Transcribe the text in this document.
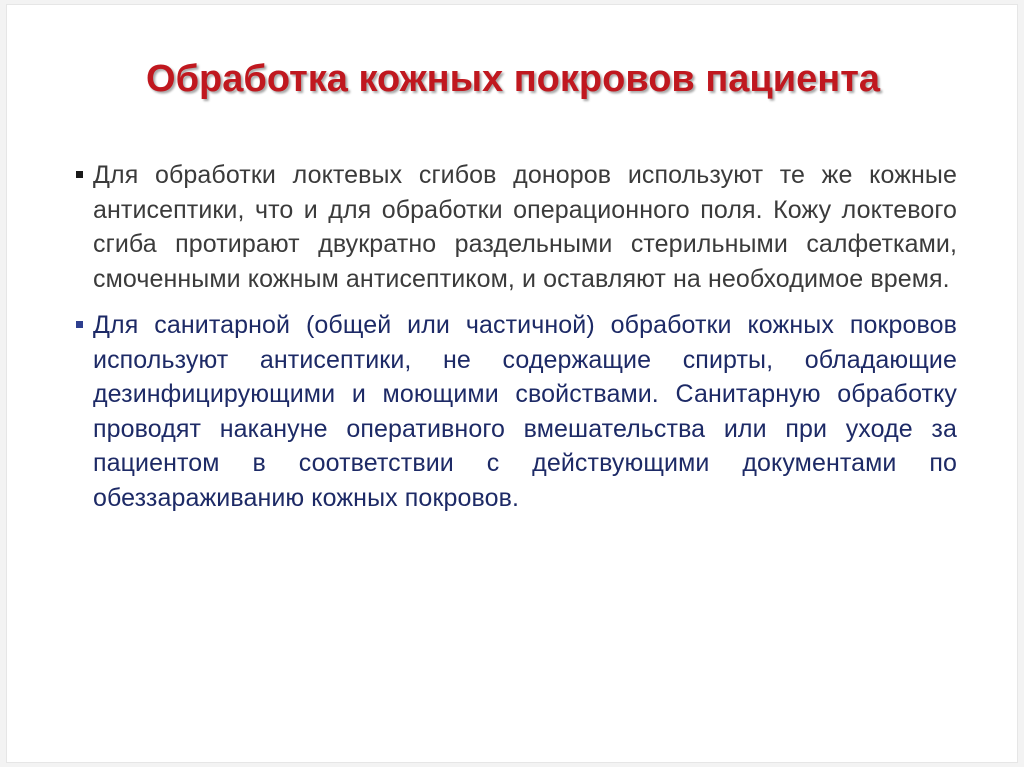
Обработка кожных покровов пациента
Для обработки локтевых сгибов доноров используют те же кожные антисептики, что и для обработки операционного поля. Кожу локтевого сгиба протирают двукратно раздельными стерильными салфетками, смоченными кожным антисептиком, и оставляют на необходимое время.
Для санитарной (общей или частичной) обработки кожных покровов используют антисептики, не содержащие спирты, обладающие дезинфицирующими и моющими свойствами. Санитарную обработку проводят накануне оперативного вмешательства или при уходе за пациентом в соответствии с действующими документами по обеззараживанию кожных покровов.
